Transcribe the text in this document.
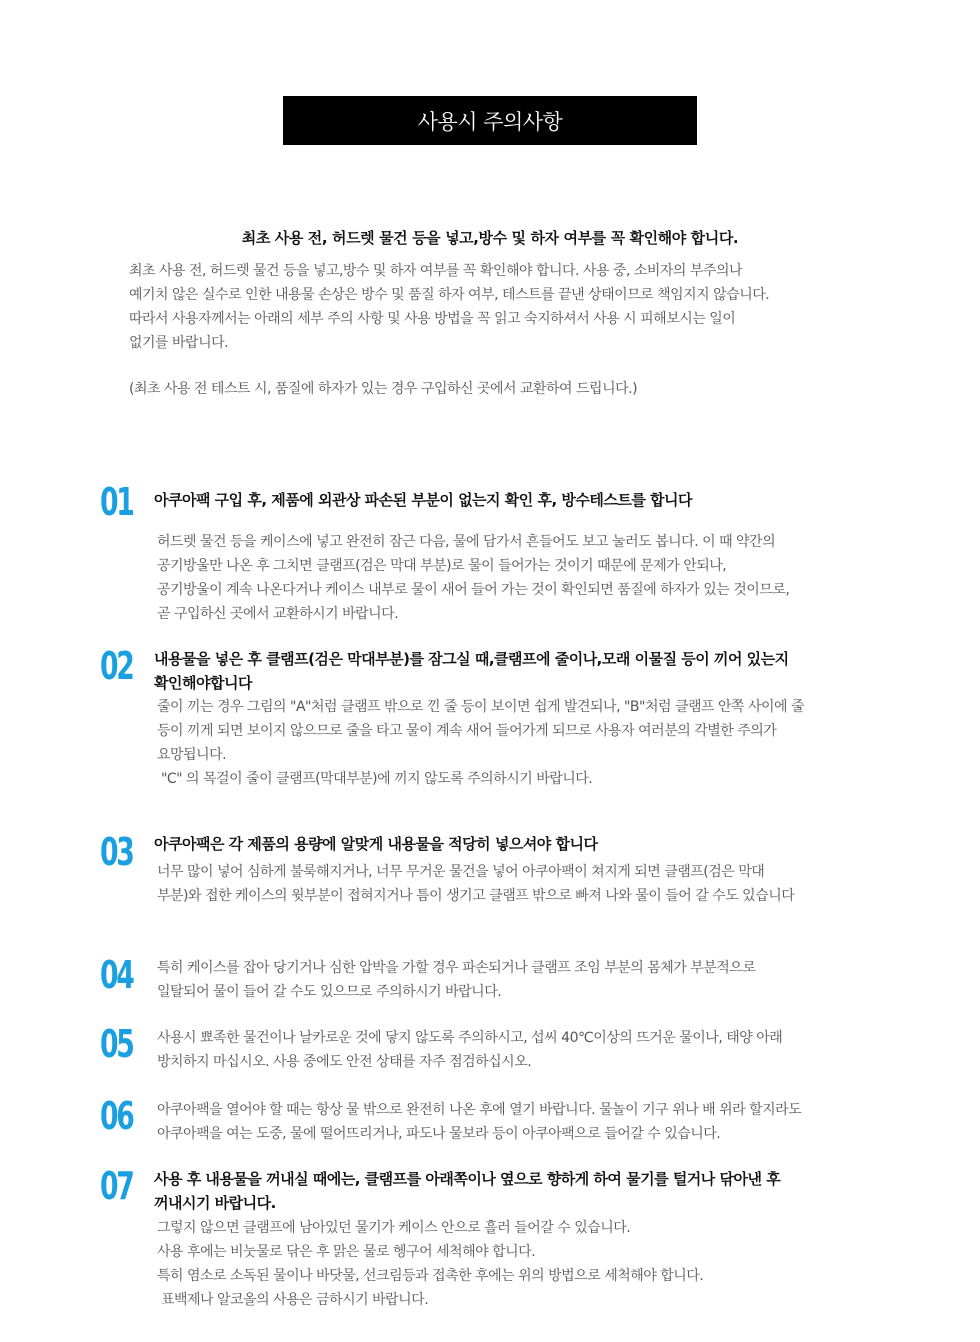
사용시 주의사항
최초 사용 전, 허드렛 물건 등을 넣고,방수 및 하자 여부를 꼭 확인해야 합니다.

최초 사용 전, 허드렛 물건 등을 넣고,방수 및 하자 여부를 꼭 확인해야 합니다. 사용 중, 소비자의 부주의나

예기치 않은 실수로 인한 내용물 손상은 방수 및 품질 하자 여부, 테스트를 끝낸 상태이므로 책임지지 않습니다.

따라서 사용자께서는 아래의 세부 주의 사항 및 사용 방법을 꼭 읽고 숙지하셔서 사용 시 피해보시는 일이

없기를 바랍니다.

(최초 사용 전 테스트 시, 품질에 하자가 있는 경우 구입하신 곳에서 교환하여 드립니다.)
01 아쿠아팩 구입 후, 제품에 외관상 파손된 부분이 없는지 확인 후, 방수테스트를 합니다

허드렛 물건 등을 케이스에 넣고 완전히 잠근 다음, 물에 담가서 흔들어도 보고 눌러도 봅니다. 이 때 약간의

공기방울만 나온 후 그치면 클램프(검은 막대 부분)로 물이 들어가는 것이기 때문에 문제가 안되나,

공기방울이 계속 나온다거나 케이스 내부로 물이 새어 들어 가는 것이 확인되면 품질에 하자가 있는 것이므로,

곧 구입하신 곳에서 교환하시기 바랍니다.

02 내용물을 넣은 후 클램프(검은 막대부분)를 잠그실 때,클램프에 줄이나,모래 이물질 등이 끼어 있는지
확인해야합니다

줄이 끼는 경우 그림의 "A"처럼 클램프 밖으로 낀 줄 등이 보이면 쉽게 발견되나, "B"처럼 클램프 안쪽 사이에 줄

등이 끼게 되면 보이지 않으므로 줄을 타고 물이 계속 새어 들어가게 되므로 사용자 여러분의 각별한 주의가

요망됩니다.

"C" 의 목걸이 줄이 클램프(막대부분)에 끼지 않도록 주의하시기 바랍니다.

03 아쿠아팩은 각 제품의 용량에 알맞게 내용물을 적당히 넣으셔야 합니다

너무 많이 넣어 심하게 불룩해지거나, 너무 무거운 물건을 넣어 아쿠아팩이 쳐지게 되면 클램프(검은 막대

부분)와 접한 케이스의 윗부분이 접혀지거나 틈이 생기고 클램프 밖으로 빠져 나와 물이 들어 갈 수도 있습니다

04 특히 케이스를 잡아 당기거나 심한 압박을 가할 경우 파손되거나 클램프 조임 부분의 몸체가 부분적으로

일탈되어 물이 들어 갈 수도 있으므로 주의하시기 바랍니다.

05 사용시 뾰족한 물건이나 날카로운 것에 닿지 않도록 주의하시고, 섭씨 40℃이상의 뜨거운 물이나, 태양 아래

방치하지 마십시오. 사용 중에도 안전 상태를 자주 점검하십시오.

06 아쿠아팩을 열어야 할 때는 항상 물 밖으로 완전히 나온 후에 열기 바랍니다. 물놀이 기구 위나 배 위라 할지라도

아쿠아팩을 여는 도중, 물에 떨어뜨리거나, 파도나 물보라 등이 아쿠아팩으로 들어갈 수 있습니다.

07 사용 후 내용물을 꺼내실 때에는, 클램프를 아래쪽이나 옆으로 향하게 하여 물기를 털거나 닦아낸 후
꺼내시기 바랍니다.

그렇지 않으면 클램프에 남아있던 물기가 케이스 안으로 흘러 들어갈 수 있습니다.

사용 후에는 비눗물로 닦은 후 맑은 물로 헹구어 세척해야 합니다.

특히 염소로 소독된 물이나 바닷물, 선크림등과 접촉한 후에는 위의 방법으로 세척해야 합니다.

표백제나 알코올의 사용은 금하시기 바랍니다.
